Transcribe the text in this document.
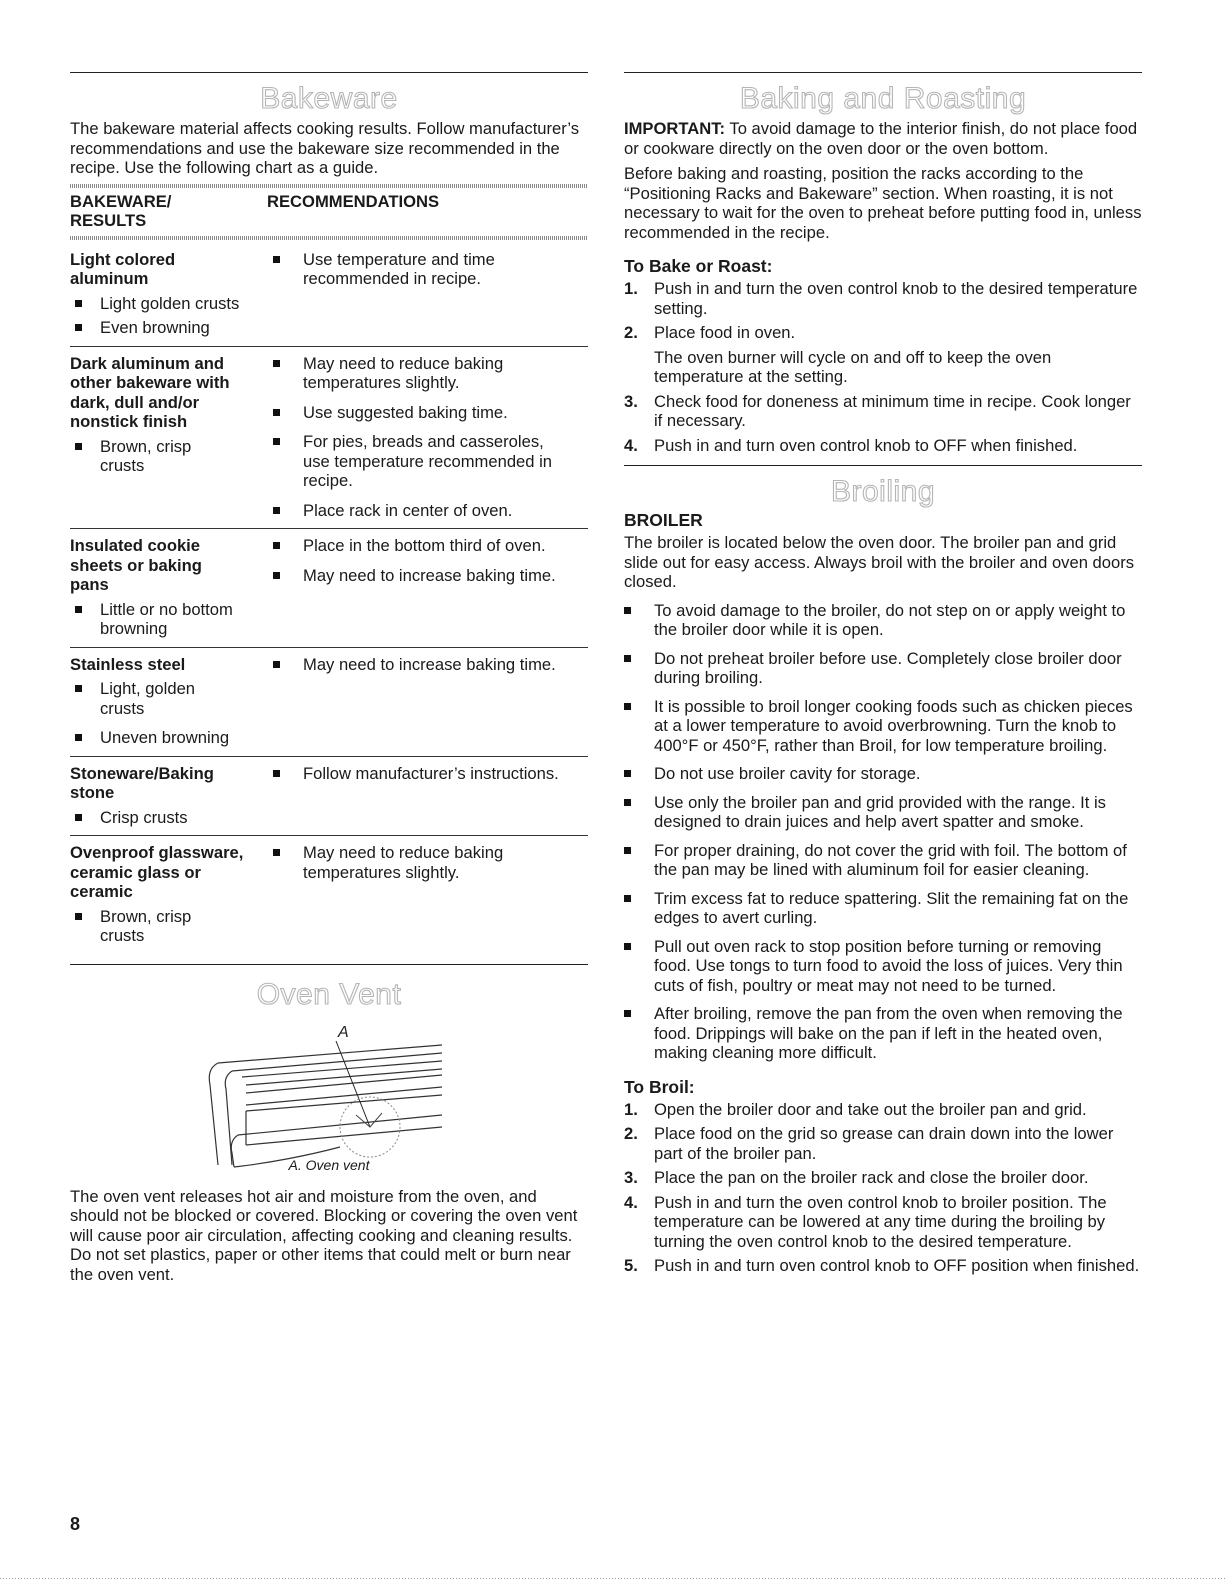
Bakeware

The bakeware material affects cooking results. Follow manufacturer’s recommendations and use the bakeware size recommended in the recipe. Use the following chart as a guide.

BAKEWARE/ RESULTS
RECOMMENDATIONS
Light colored aluminum
Light golden crusts
Even browning
Use temperature and time recommended in recipe.
Dark aluminum and other bakeware with dark, dull and/or nonstick finish
Brown, crisp crusts
May need to reduce baking temperatures slightly.
Use suggested baking time.
For pies, breads and casseroles, use temperature recommended in recipe.
Place rack in center of oven.
Insulated cookie sheets or baking pans
Little or no bottom browning
Place in the bottom third of oven.
May need to increase baking time.
Stainless steel
Light, golden crusts
Uneven browning
May need to increase baking time.
Stoneware/Baking stone
Crisp crusts
Follow manufacturer’s instructions.
Ovenproof glassware, ceramic glass or ceramic
Brown, crisp crusts
May need to reduce baking temperatures slightly.
Oven Vent
A
A. Oven vent

The oven vent releases hot air and moisture from the oven, and should not be blocked or covered. Blocking or covering the oven vent will cause poor air circulation, affecting cooking and cleaning results. Do not set plastics, paper or other items that could melt or burn near the oven vent.

Baking and Roasting

IMPORTANT: To avoid damage to the interior finish, do not place food or cookware directly on the oven door or the oven bottom.

Before baking and roasting, position the racks according to the “Positioning Racks and Bakeware” section. When roasting, it is not necessary to wait for the oven to preheat before putting food in, unless recommended in the recipe.

To Bake or Roast:
1. Push in and turn the oven control knob to the desired temperature setting.
2. Place food in oven.
The oven burner will cycle on and off to keep the oven temperature at the setting.
3. Check food for doneness at minimum time in recipe. Cook longer if necessary.
4. Push in and turn oven control knob to OFF when finished.
Broiling
BROILER

The broiler is located below the oven door. The broiler pan and grid slide out for easy access. Always broil with the broiler and oven doors closed.

To avoid damage to the broiler, do not step on or apply weight to the broiler door while it is open.
Do not preheat broiler before use. Completely close broiler door during broiling.
It is possible to broil longer cooking foods such as chicken pieces at a lower temperature to avoid overbrowning. Turn the knob to 400°F or 450°F, rather than Broil, for low temperature broiling.
Do not use broiler cavity for storage.
Use only the broiler pan and grid provided with the range. It is designed to drain juices and help avert spatter and smoke.
For proper draining, do not cover the grid with foil. The bottom of the pan may be lined with aluminum foil for easier cleaning.
Trim excess fat to reduce spattering. Slit the remaining fat on the edges to avert curling.
Pull out oven rack to stop position before turning or removing food. Use tongs to turn food to avoid the loss of juices. Very thin cuts of fish, poultry or meat may not need to be turned.
After broiling, remove the pan from the oven when removing the food. Drippings will bake on the pan if left in the heated oven, making cleaning more difficult.
To Broil:
1. Open the broiler door and take out the broiler pan and grid.
2. Place food on the grid so grease can drain down into the lower part of the broiler pan.
3. Place the pan on the broiler rack and close the broiler door.
4. Push in and turn the oven control knob to broiler position. The temperature can be lowered at any time during the broiling by turning the oven control knob to the desired temperature.
5. Push in and turn oven control knob to OFF position when finished.
8
